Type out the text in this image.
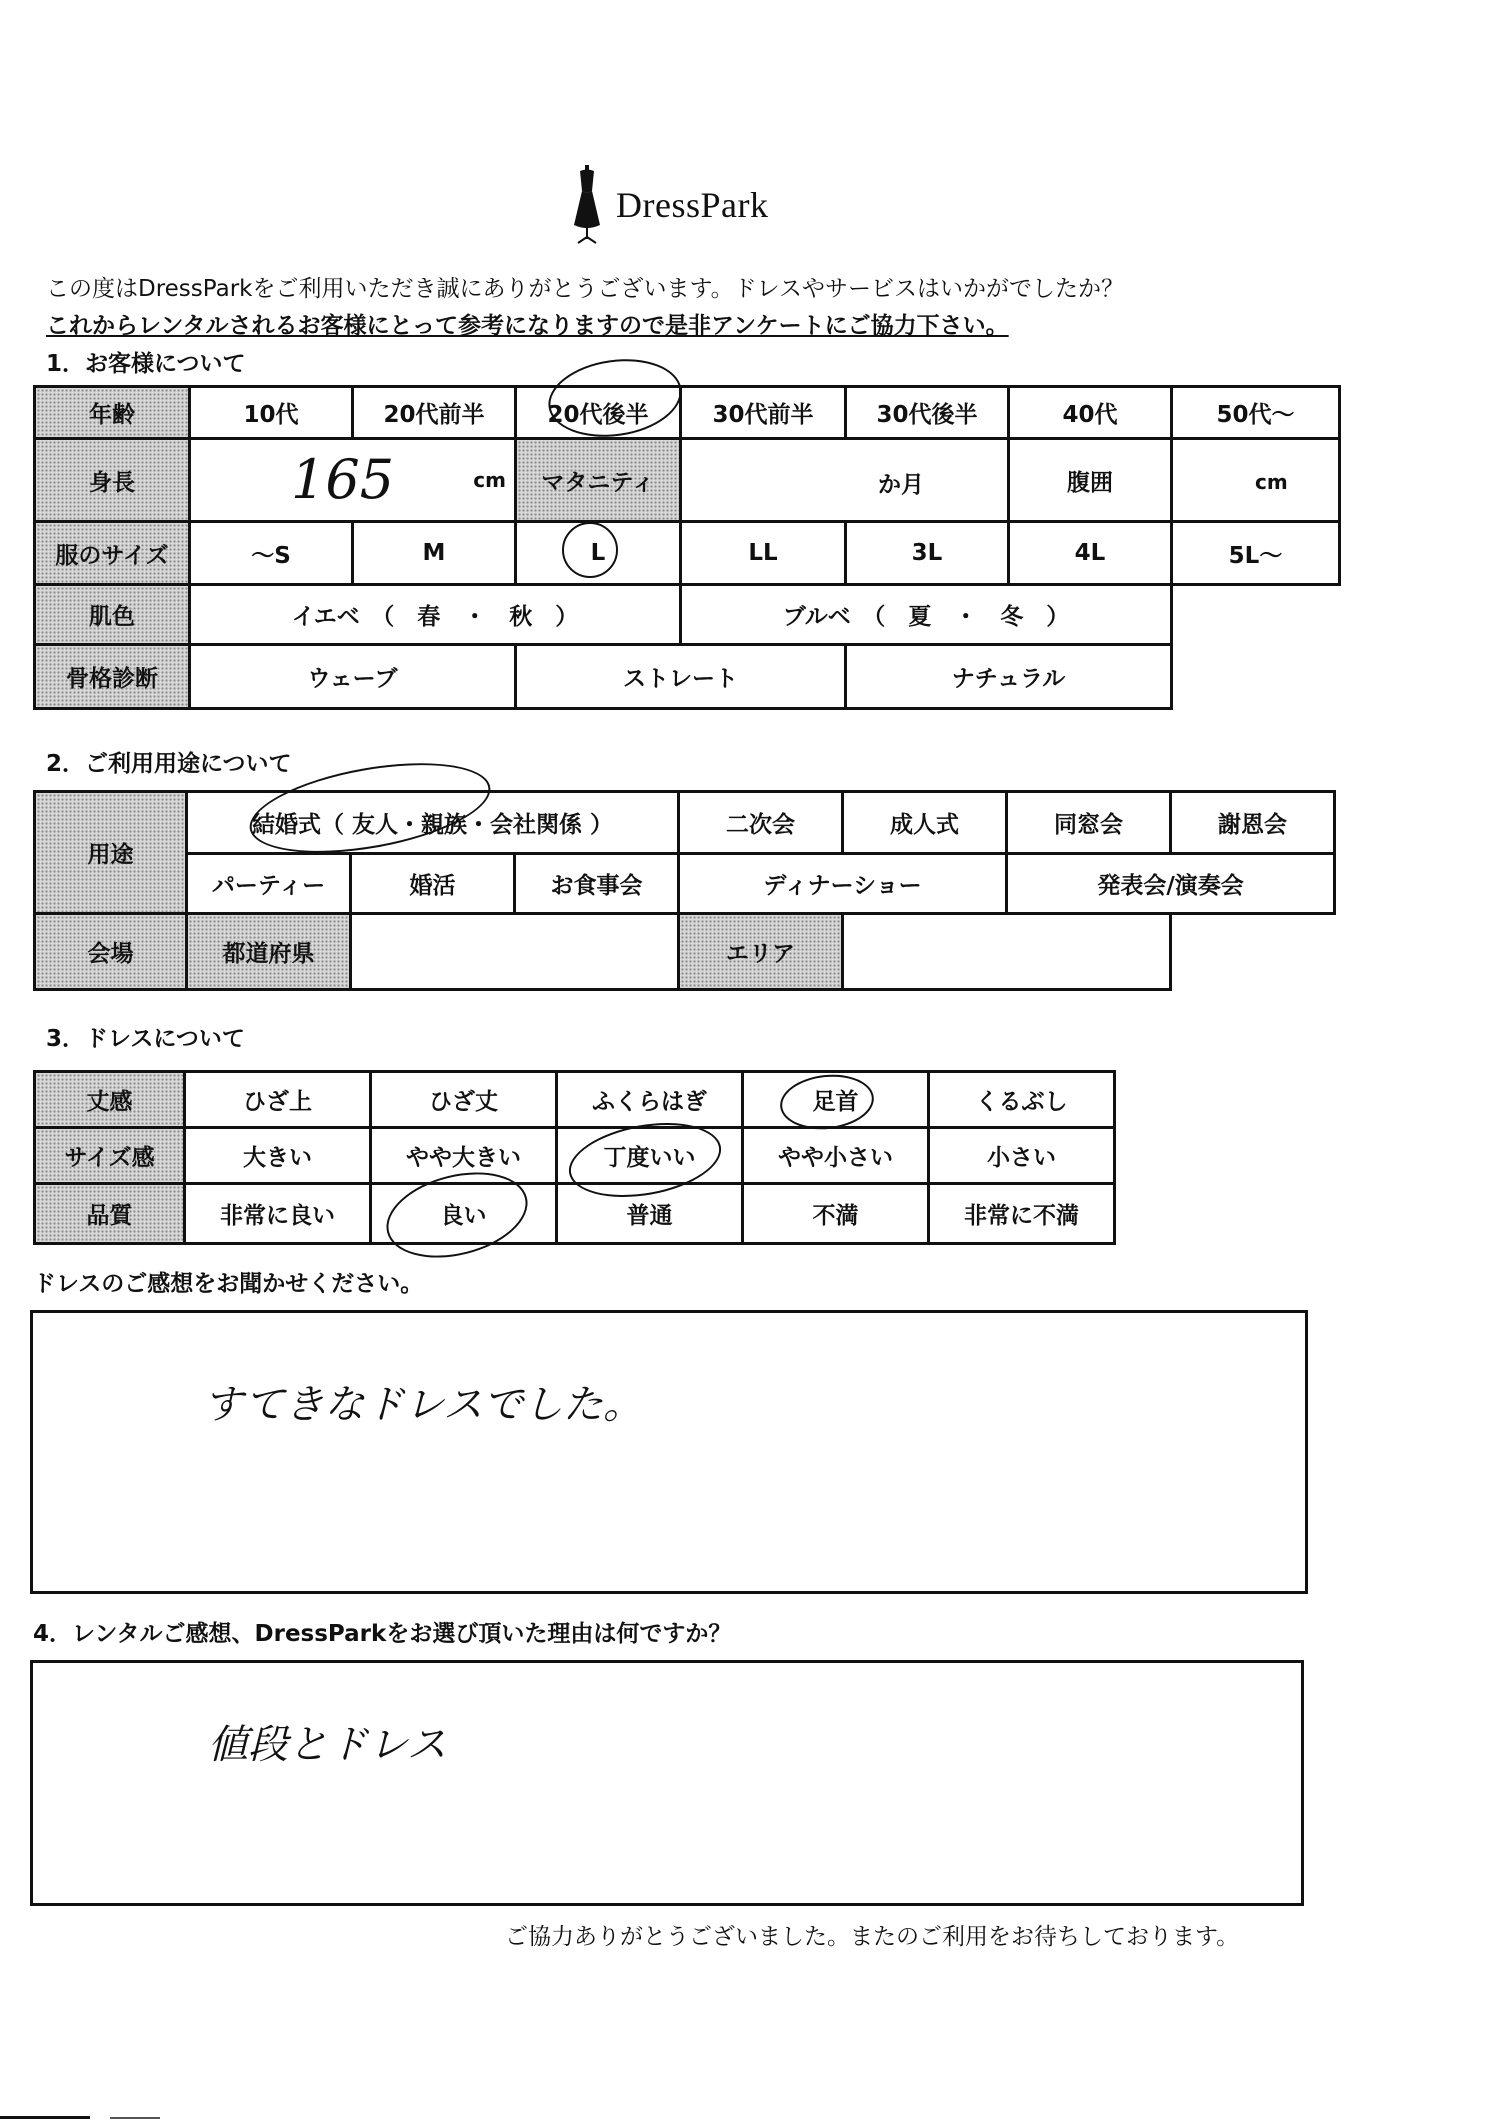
DressPark
この度はDressParkをご利用いただき誠にありがとうございます。ドレスやサービスはいかがでしたか？
これからレンタルされるお客様にとって参考になりますので是非アンケートにご協力下さい。
1．お客様について
年齢	10代	20代前半	20代後半	30代前半	30代後半	40代	50代～
身長	165 cm		マタニティ	か月		腹囲	cm

服のサイズ	～S	M	L	LL	3L	4L	5L～
肌色	イエベ　（　春　・　秋　）			ブルベ　（　夏　・　冬　）			
骨格診断	ウェーブ		ストレート		ナチュラル		
2．ご利用用途について
用途	結婚式（ 友人・親族・会社関係 ）			二次会	成人式	同窓会	謝恩会
	パーティー	婚活	お食事会	ディナーショー		発表会/演奏会	
会場	都道府県			エリア			
3．ドレスについて
丈感	ひざ上	ひざ丈	ふくらはぎ	足首	くるぶし
サイズ感	大きい	やや大きい	丁度いい	やや小さい	小さい
品質	非常に良い	良い	普通	不満	非常に不満
ドレスのご感想をお聞かせください。
すてきなドレスでした。
4．レンタルご感想、DressParkをお選び頂いた理由は何ですか？
値段とドレス
ご協力ありがとうございました。またのご利用をお待ちしております。
